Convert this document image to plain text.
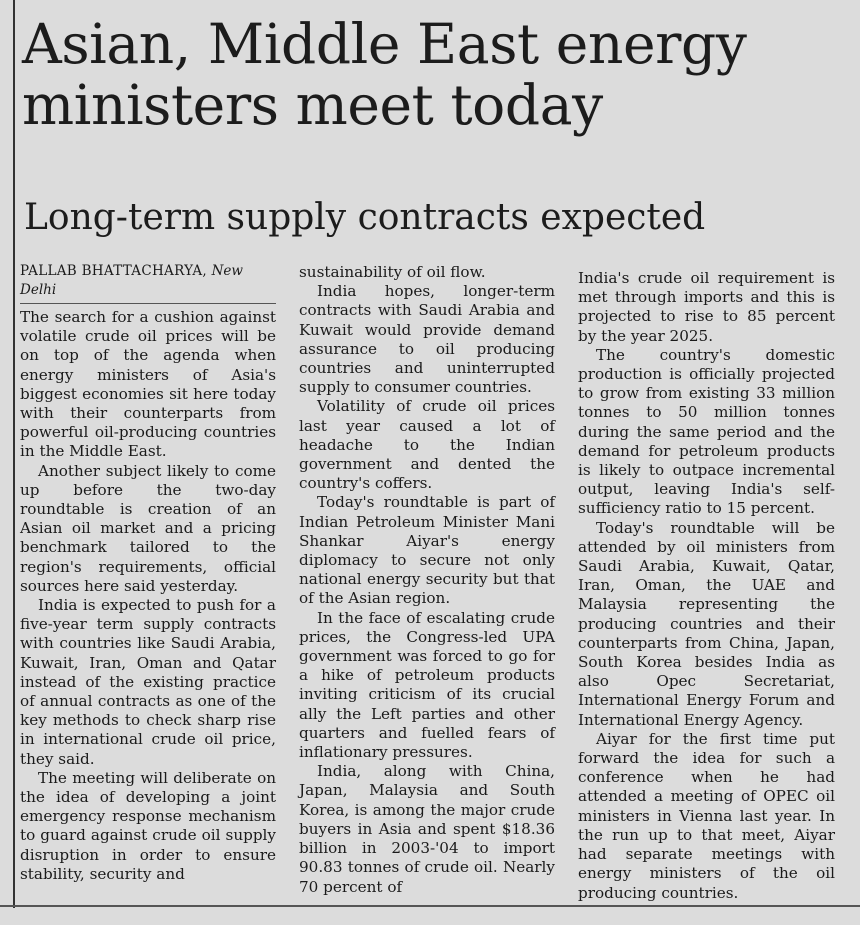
Asian, Middle East energy ministers meet today
Long-term supply contracts expected
PALLAB BHATTACHARYA, New Delhi

The search for a cushion against volatile crude oil prices will be on top of the agenda when energy ministers of Asia's biggest economies sit here today with their counterparts from powerful oil-producing countries in the Middle East.

Another subject likely to come up before the two-day roundtable is creation of an Asian oil market and a pricing benchmark tailored to the region's requirements, official sources here said yesterday.

India is expected to push for a five-year term supply contracts with countries like Saudi Arabia, Kuwait, Iran, Oman and Qatar instead of the existing practice of annual contracts as one of the key methods to check sharp rise in international crude oil price, they said.

The meeting will deliberate on the idea of developing a joint emergency response mechanism to guard against crude oil supply disruption in order to ensure stability, security and

sustainability of oil flow.

India hopes, longer-term contracts with Saudi Arabia and Kuwait would provide demand assurance to oil producing countries and uninterrupted supply to consumer countries.

Volatility of crude oil prices last year caused a lot of headache to the Indian government and dented the country's coffers.

Today's roundtable is part of Indian Petroleum Minister Mani Shankar Aiyar's energy diplomacy to secure not only national energy security but that of the Asian region.

In the face of escalating crude prices, the Congress-led UPA government was forced to go for a hike of petroleum products inviting criticism of its crucial ally the Left parties and other quarters and fuelled fears of inflationary pressures.

India, along with China, Japan, Malaysia and South Korea, is among the major crude buyers in Asia and spent $18.36 billion in 2003-'04 to import 90.83 tonnes of crude oil. Nearly 70 percent of

India's crude oil requirement is met through imports and this is projected to rise to 85 percent by the year 2025.

The country's domestic production is officially projected to grow from existing 33 million tonnes to 50 million tonnes during the same period and the demand for petroleum products is likely to outpace incremental output, leaving India's self-sufficiency ratio to 15 percent.

Today's roundtable will be attended by oil ministers from Saudi Arabia, Kuwait, Qatar, Iran, Oman, the UAE and Malaysia representing the producing countries and their counterparts from China, Japan, South Korea besides India as also Opec Secretariat, International Energy Forum and International Energy Agency.

Aiyar for the first time put forward the idea for such a conference when he had attended a meeting of OPEC oil ministers in Vienna last year. In the run up to that meet, Aiyar had separate meetings with energy ministers of the oil producing countries.
